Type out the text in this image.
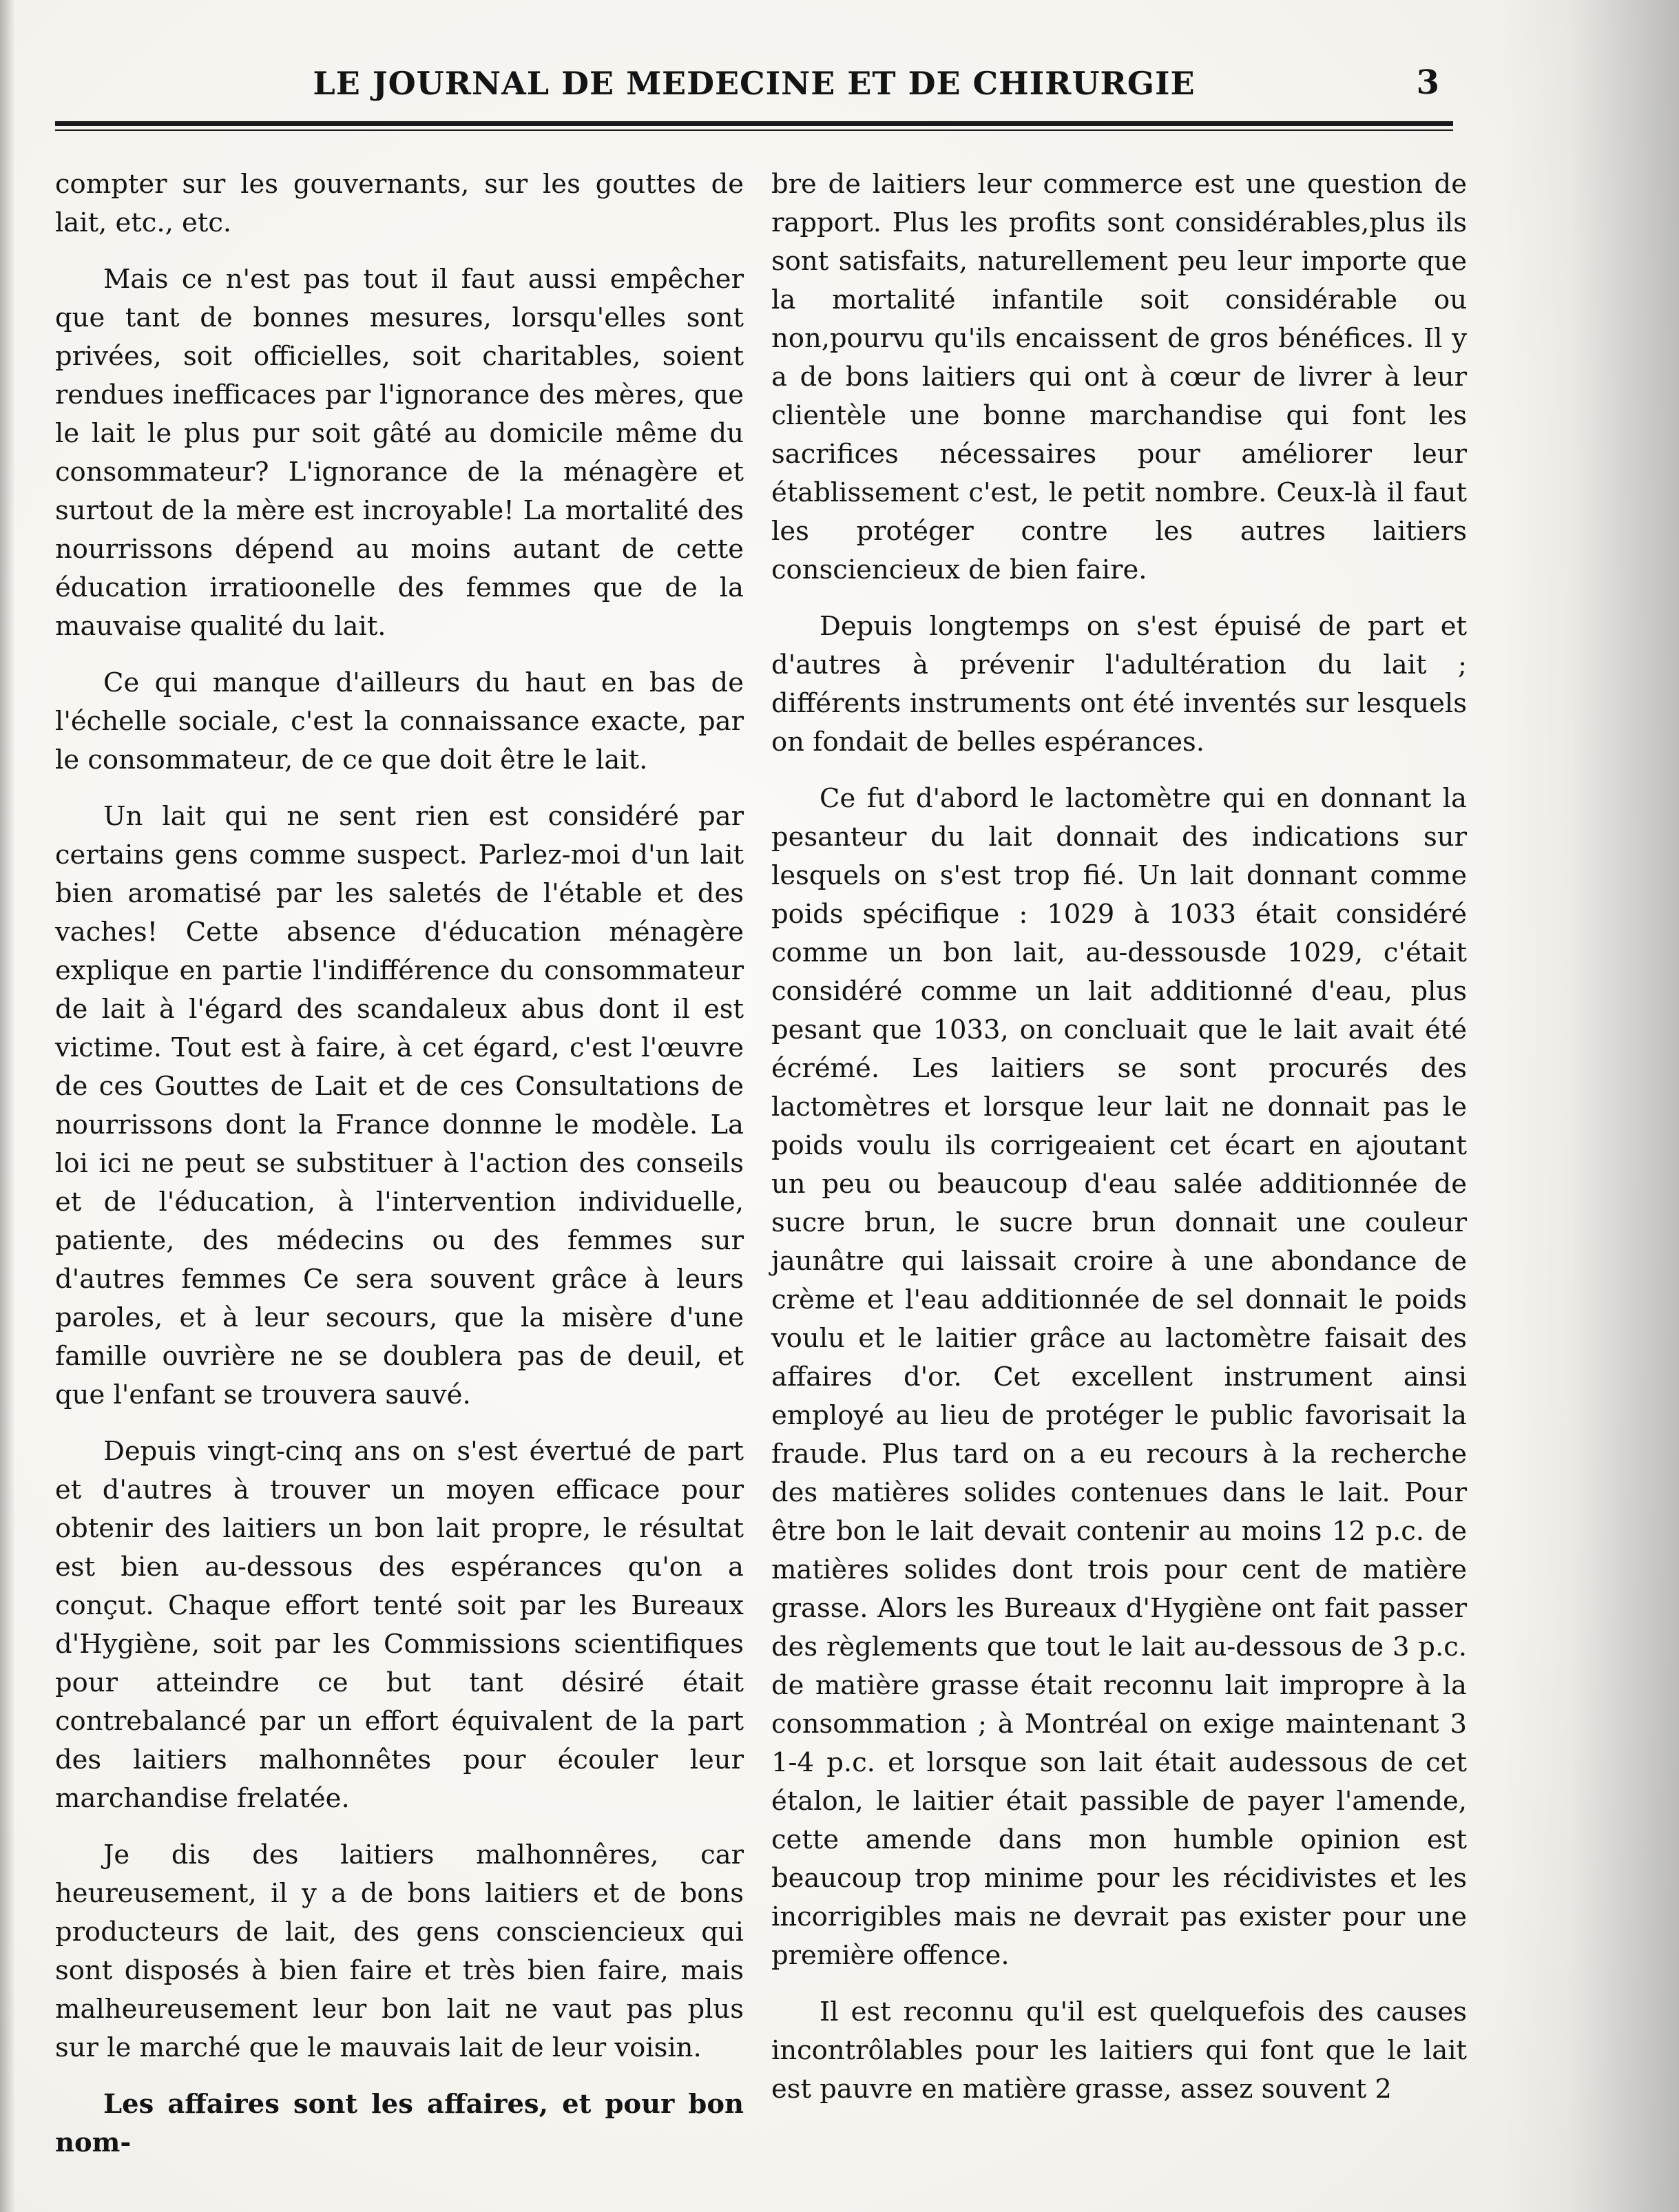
LE JOURNAL DE MEDECINE ET DE CHIRURGIE	3

compter sur les gouvernants, sur les gouttes de lait, etc., etc.

Mais ce n'est pas tout il faut aussi empêcher que tant de bonnes mesures, lorsqu'elles sont privées, soit officielles, soit charitables, soient rendues inefficaces par l'ignorance des mères, que le lait le plus pur soit gâté au domicile même du consommateur? L'ignorance de la ménagère et surtout de la mère est incroyable! La mortalité des nourrissons dépend au moins autant de cette éducation irratioonelle des femmes que de la mauvaise qualité du lait.

Ce qui manque d'ailleurs du haut en bas de l'échelle sociale, c'est la connaissance exacte, par le consommateur, de ce que doit être le lait.

Un lait qui ne sent rien est considéré par certains gens comme suspect. Parlez-moi d'un lait bien aromatisé par les saletés de l'étable et des vaches! Cette absence d'éducation ménagère explique en partie l'indifférence du consommateur de lait à l'égard des scandaleux abus dont il est victime. Tout est à faire, à cet égard, c'est l'œuvre de ces Gouttes de Lait et de ces Consultations de nourrissons dont la France donnne le modèle. La loi ici ne peut se substituer à l'action des conseils et de l'éducation, à l'intervention individuelle, patiente, des médecins ou des femmes sur d'autres femmes Ce sera souvent grâce à leurs paroles, et à leur secours, que la misère d'une famille ouvrière ne se doublera pas de deuil, et que l'enfant se trouvera sauvé.

Depuis vingt-cinq ans on s'est évertué de part et d'autres à trouver un moyen efficace pour obtenir des laitiers un bon lait propre, le résultat est bien au-dessous des espérances qu'on a conçut. Chaque effort tenté soit par les Bureaux d'Hygiène, soit par les Commissions scientifiques pour atteindre ce but tant désiré était contrebalancé par un effort équivalent de la part des laitiers malhonnêtes pour écouler leur marchandise frelatée.

Je dis des laitiers malhonnêres, car heureusement, il y a de bons laitiers et de bons producteurs de lait, des gens consciencieux qui sont disposés à bien faire et très bien faire, mais malheureusement leur bon lait ne vaut pas plus sur le marché que le mauvais lait de leur voisin.

Les affaires sont les affaires, et pour bon nom-

bre de laitiers leur commerce est une question de rapport. Plus les profits sont considérables,plus ils sont satisfaits, naturellement peu leur importe que la mortalité infantile soit considérable ou non,pourvu qu'ils encaissent de gros bénéfices. Il y a de bons laitiers qui ont à cœur de livrer à leur clientèle une bonne marchandise qui font les sacrifices nécessaires pour améliorer leur établissement c'est, le petit nombre. Ceux-là il faut les protéger contre les autres laitiers consciencieux de bien faire.

Depuis longtemps on s'est épuisé de part et d'autres à prévenir l'adultération du lait ; différents instruments ont été inventés sur lesquels on fondait de belles espérances.

Ce fut d'abord le lactomètre qui en donnant la pesanteur du lait donnait des indications sur lesquels on s'est trop fié. Un lait donnant comme poids spécifique : 1029 à 1033 était considéré comme un bon lait, au-dessousde 1029, c'était considéré comme un lait additionné d'eau, plus pesant que 1033, on concluait que le lait avait été écrémé. Les laitiers se sont procurés des lactomètres et lorsque leur lait ne donnait pas le poids voulu ils corrigeaient cet écart en ajoutant un peu ou beaucoup d'eau salée additionnée de sucre brun, le sucre brun donnait une couleur jaunâtre qui laissait croire à une abondance de crème et l'eau additionnée de sel donnait le poids voulu et le laitier grâce au lactomètre faisait des affaires d'or. Cet excellent instrument ainsi employé au lieu de protéger le public favorisait la fraude. Plus tard on a eu recours à la recherche des matières solides contenues dans le lait. Pour être bon le lait devait contenir au moins 12 p.c. de matières solides dont trois pour cent de matière grasse. Alors les Bureaux d'Hygiène ont fait passer des règlements que tout le lait au-dessous de 3 p.c. de matière grasse était reconnu lait impropre à la consommation ; à Montréal on exige maintenant 3 1-4 p.c. et lorsque son lait était audessous de cet étalon, le laitier était passible de payer l'amende, cette amende dans mon humble opinion est beaucoup trop minime pour les récidivistes et les incorrigibles mais ne devrait pas exister pour une première offence.

Il est reconnu qu'il est quelquefois des causes incontrôlables pour les laitiers qui font que le lait est pauvre en matière grasse, assez souvent 2
